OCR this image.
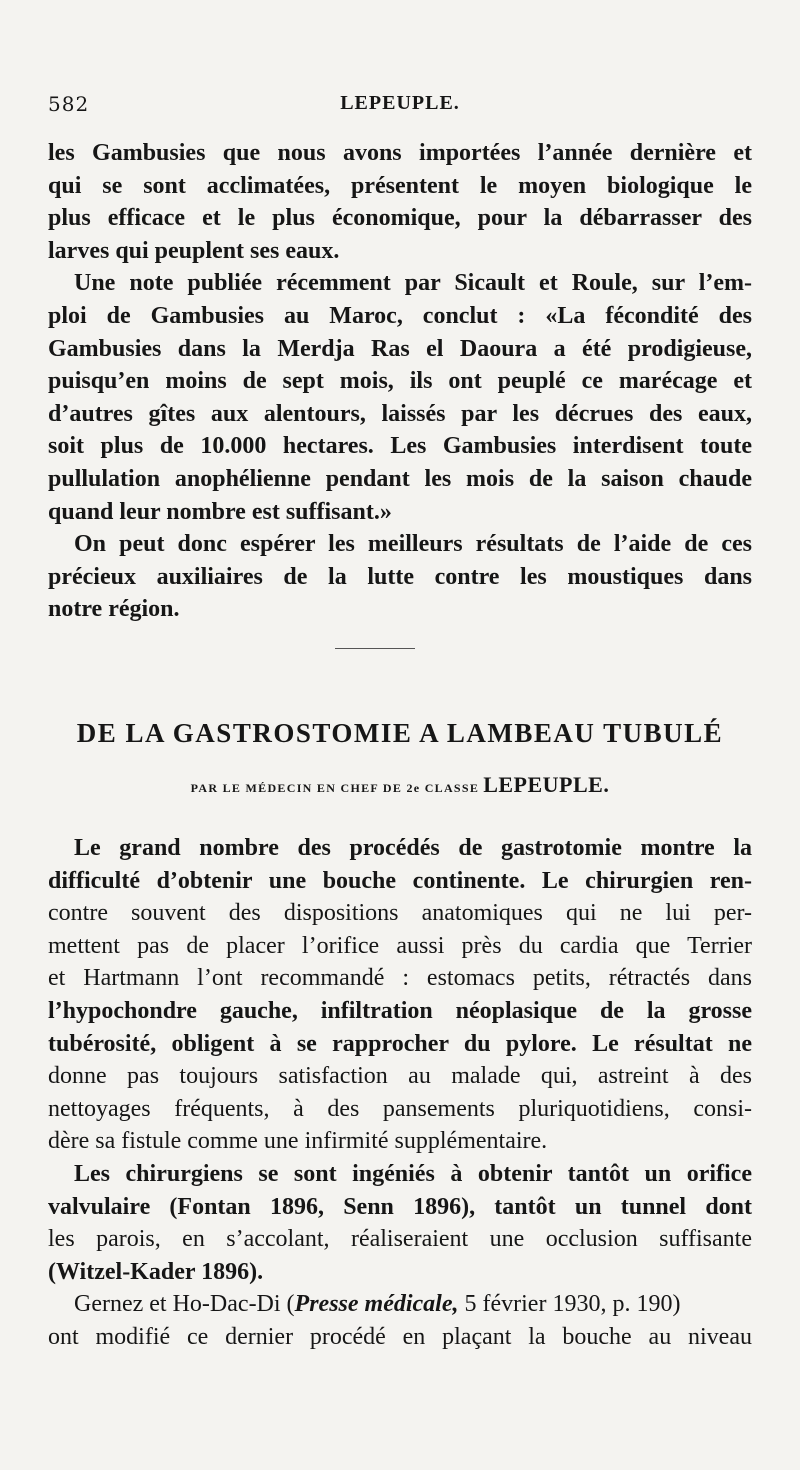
582	LEPEUPLE.
les Gambusies que nous avons importées l’année dernière et
qui se sont acclimatées, présentent le moyen biologique le
plus efficace et le plus économique, pour la débarrasser des
larves qui peuplent ses eaux.
Une note publiée récemment par Sicault et Roule, sur l’em-
ploi de Gambusies au Maroc, conclut : «La fécondité des
Gambusies dans la Merdja Ras el Daoura a été prodigieuse,
puisqu’en moins de sept mois, ils ont peuplé ce marécage et
d’autres gîtes aux alentours, laissés par les décrues des eaux,
soit plus de 10.000 hectares. Les Gambusies interdisent toute
pullulation anophélienne pendant les mois de la saison chaude
quand leur nombre est suffisant.»
On peut donc espérer les meilleurs résultats de l’aide de ces
précieux auxiliaires de la lutte contre les moustiques dans
notre région.
DE LA GASTROSTOMIE A LAMBEAU TUBULÉ
PAR LE MÉDECIN EN CHEF DE 2e CLASSE LEPEUPLE.
Le grand nombre des procédés de gastrotomie montre la
difficulté d’obtenir une bouche continente. Le chirurgien ren-
contre souvent des dispositions anatomiques qui ne lui per-
mettent pas de placer l’orifice aussi près du cardia que Terrier
et Hartmann l’ont recommandé : estomacs petits, rétractés dans
l’hypochondre gauche, infiltration néoplasique de la grosse
tubérosité, obligent à se rapprocher du pylore. Le résultat ne
donne pas toujours satisfaction au malade qui, astreint à des
nettoyages fréquents, à des pansements pluriquotidiens, consi-
dère sa fistule comme une infirmité supplémentaire.
Les chirurgiens se sont ingéniés à obtenir tantôt un orifice
valvulaire (Fontan 1896, Senn 1896), tantôt un tunnel dont
les parois, en s’accolant, réaliseraient une occlusion suffisante
(Witzel-Kader 1896).
Gernez et Ho-Dac-Di (Presse médicale, 5 février 1930, p. 190)
ont modifié ce dernier procédé en plaçant la bouche au niveau
